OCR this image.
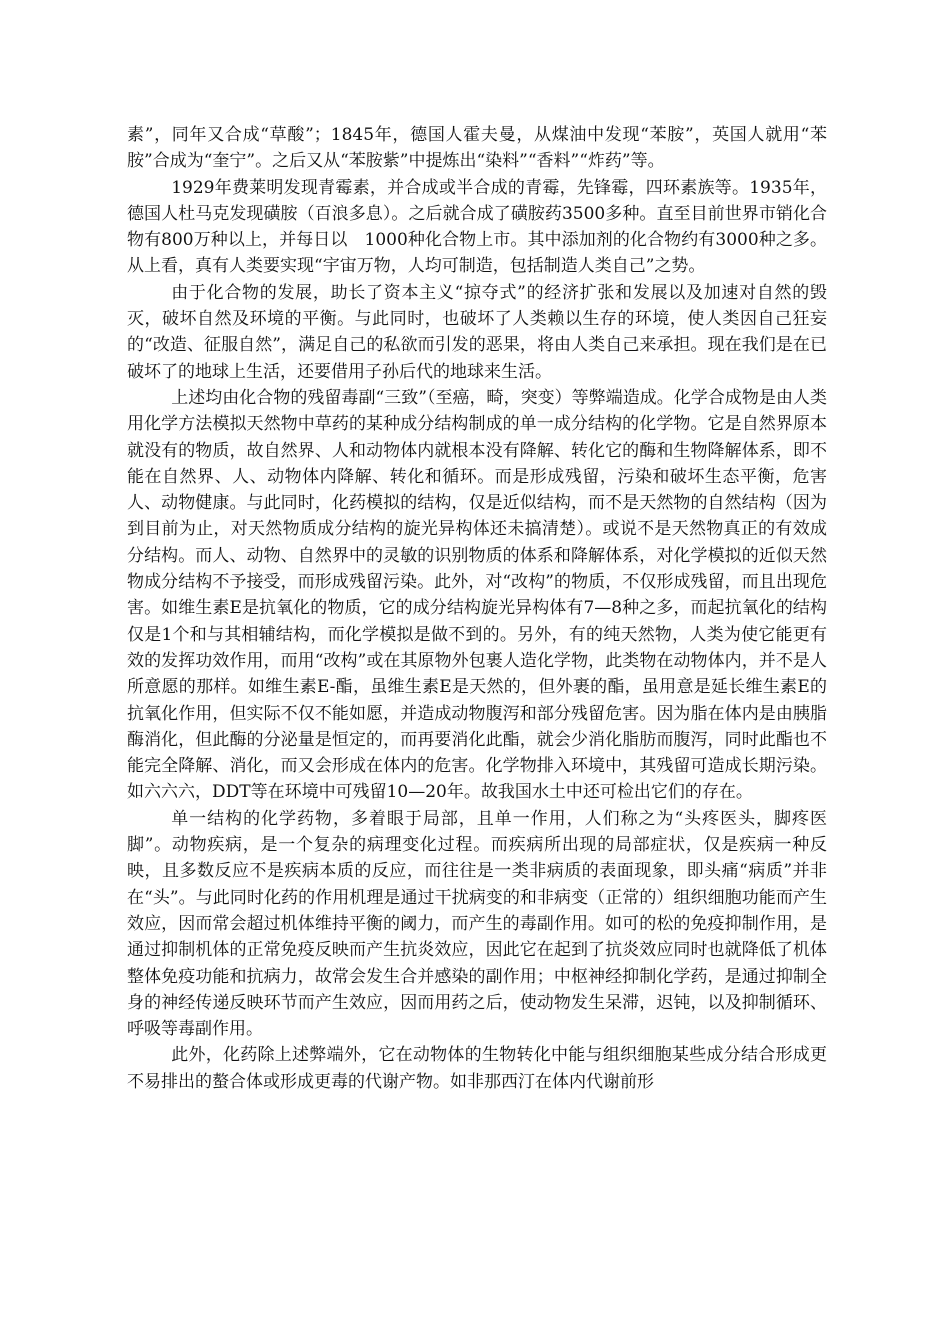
素”，同年又合成“草酸”；1845年，德国人霍夫曼，从煤油中发现“苯胺”，英国人就用“苯胺”合成为“奎宁”。之后又从“苯胺紫”中提炼出“染料”“香料”“炸药”等。

1929年费莱明发现青霉素，并合成或半合成的青霉，先锋霉，四环素族等。1935年，德国人杜马克发现磺胺（百浪多息）。之后就合成了磺胺药3500多种。直至目前世界市销化合物有800万种以上，并每日以　1000种化合物上市。其中添加剂的化合物约有3000种之多。从上看，真有人类要实现“宇宙万物，人均可制造，包括制造人类自己”之势。

由于化合物的发展，助长了资本主义“掠夺式”的经济扩张和发展以及加速对自然的毁灭，破坏自然及环境的平衡。与此同时，也破坏了人类赖以生存的环境，使人类因自己狂妄的“改造、征服自然”，满足自己的私欲而引发的恶果，将由人类自己来承担。现在我们是在已破坏了的地球上生活，还要借用子孙后代的地球来生活。

上述均由化合物的残留毒副“三致”（至癌，畸，突变）等弊端造成。化学合成物是由人类用化学方法模拟天然物中草药的某种成分结构制成的单一成分结构的化学物。它是自然界原本就没有的物质，故自然界、人和动物体内就根本没有降解、转化它的酶和生物降解体系，即不能在自然界、人、动物体内降解、转化和循环。而是形成残留，污染和破坏生态平衡，危害人、动物健康。与此同时，化药模拟的结构，仅是近似结构，而不是天然物的自然结构（因为到目前为止，对天然物质成分结构的旋光异构体还未搞清楚）。或说不是天然物真正的有效成分结构。而人、动物、自然界中的灵敏的识别物质的体系和降解体系，对化学模拟的近似天然物成分结构不予接受，而形成残留污染。此外，对“改构”的物质，不仅形成残留，而且出现危害。如维生素E是抗氧化的物质，它的成分结构旋光异构体有7—8种之多，而起抗氧化的结构仅是1个和与其相辅结构，而化学模拟是做不到的。另外，有的纯天然物，人类为使它能更有效的发挥功效作用，而用“改构”或在其原物外包裹人造化学物，此类物在动物体内，并不是人所意愿的那样。如维生素E-酯，虽维生素E是天然的，但外裹的酯，虽用意是延长维生素E的抗氧化作用，但实际不仅不能如愿，并造成动物腹泻和部分残留危害。因为脂在体内是由胰脂酶消化，但此酶的分泌量是恒定的，而再要消化此酯，就会少消化脂肪而腹泻，同时此酯也不能完全降解、消化，而又会形成在体内的危害。化学物排入环境中，其残留可造成长期污染。如六六六，DDT等在环境中可残留10—20年。故我国水土中还可检出它们的存在。

单一结构的化学药物，多着眼于局部，且单一作用，人们称之为“头疼医头，脚疼医脚”。动物疾病，是一个复杂的病理变化过程。而疾病所出现的局部症状，仅是疾病一种反映，且多数反应不是疾病本质的反应，而往往是一类非病质的表面现象，即头痛“病质”并非在“头”。与此同时化药的作用机理是通过干扰病变的和非病变（正常的）组织细胞功能而产生效应，因而常会超过机体维持平衡的阈力，而产生的毒副作用。如可的松的免疫抑制作用，是通过抑制机体的正常免疫反映而产生抗炎效应，因此它在起到了抗炎效应同时也就降低了机体整体免疫功能和抗病力，故常会发生合并感染的副作用；中枢神经抑制化学药，是通过抑制全身的神经传递反映环节而产生效应，因而用药之后，使动物发生呆滞，迟钝，以及抑制循环、呼吸等毒副作用。

此外，化药除上述弊端外，它在动物体的生物转化中能与组织细胞某些成分结合形成更不易排出的螯合体或形成更毒的代谢产物。如非那西汀在体内代谢前形
